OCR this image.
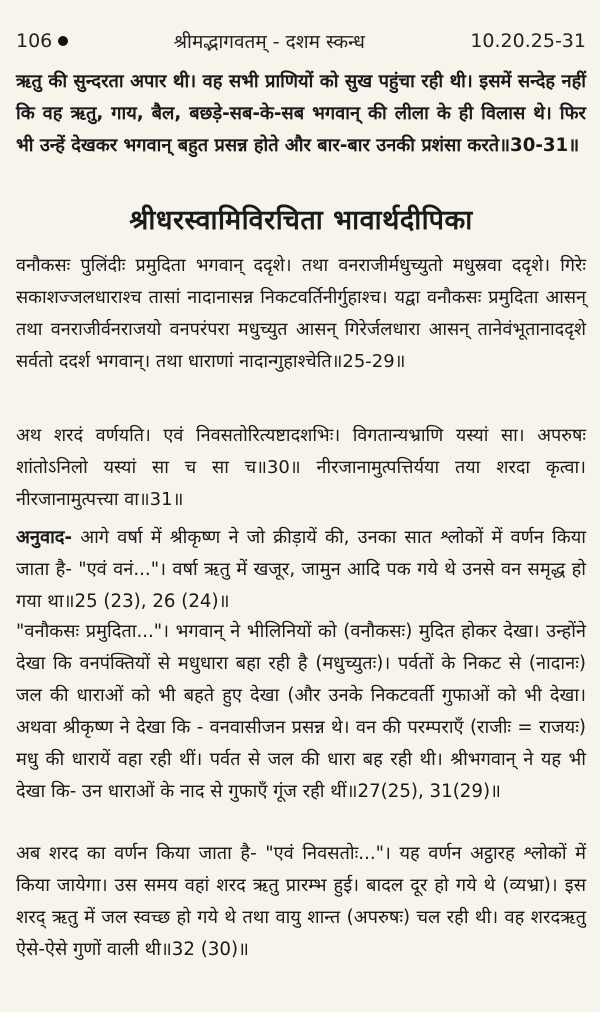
106	श्रीमद्भागवतम् - दशम स्कन्ध	10.20.25-31

ऋतु की सुन्दरता अपार थी। वह सभी प्राणियों को सुख पहुंचा रही थी। इसमें सन्देह नहीं कि वह ऋतु, गाय, बैल, बछड़े-सब-के-सब भगवान् की लीला के ही विलास थे। फिर भी उन्हें देखकर भगवान् बहुत प्रसन्न होते और बार-बार उनकी प्रशंसा करते॥30-31॥

श्रीधरस्वामिविरचिता भावार्थदीपिका

वनौकसः पुलिंदीः प्रमुदिता भगवान् ददृशे। तथा वनराजीर्मधुच्युतो मधुस्रवा ददृशे। गिरेः सकाशज्जलधाराश्च तासां नादानासन्न निकटवर्तिनीर्गुहाश्च। यद्वा वनौकसः प्रमुदिता आसन् तथा वनराजीर्वनराजयो वनपरंपरा मधुच्युत आसन् गिरेर्जलधारा आसन् तानेवंभूतानाददृशे सर्वतो ददर्श भगवान्। तथा धाराणां नादान्गुहाश्चेति॥25-29॥

अथ शरदं वर्णयति। एवं निवसतोरित्यष्टादशभिः। विगतान्यभ्राणि यस्यां सा। अपरुषः शांतोऽनिलो यस्यां सा च सा च॥30॥ नीरजानामुत्पत्तिर्यया तया शरदा कृत्वा। नीरजानामुत्पत्त्या वा॥31॥

अनुवाद- आगे वर्षा में श्रीकृष्ण ने जो क्रीड़ायें की, उनका सात श्लोकों में वर्णन किया जाता है- "एवं वनं..."। वर्षा ऋतु में खजूर, जामुन आदि पक गये थे उनसे वन समृद्ध हो गया था॥25 (23), 26 (24)॥

"वनौकसः प्रमुदिता..."। भगवान् ने भीलिनियों को (वनौकसः) मुदित होकर देखा। उन्होंने देखा कि वनपंक्तियों से मधुधारा बहा रही है (मधुच्युतः)। पर्वतों के निकट से (नादानः) जल की धाराओं को भी बहते हुए देखा (और उनके निकटवर्ती गुफाओं को भी देखा। अथवा श्रीकृष्ण ने देखा कि - वनवासीजन प्रसन्न थे। वन की परम्पराएँ (राजीः = राजयः) मधु की धारायें वहा रही थीं। पर्वत से जल की धारा बह रही थी। श्रीभगवान् ने यह भी देखा कि- उन धाराओं के नाद से गुफाएँ गूंज रही थीं॥27(25), 31(29)॥

अब शरद का वर्णन किया जाता है- "एवं निवसतोः..."। यह वर्णन अट्ठारह श्लोकों में किया जायेगा। उस समय वहां शरद ऋतु प्रारम्भ हुई। बादल दूर हो गये थे (व्यभ्रा)। इस शरद् ऋतु में जल स्वच्छ हो गये थे तथा वायु शान्त (अपरुषः) चल रही थी। वह शरदऋतु ऐसे-ऐसे गुणों वाली थी॥32 (30)॥
